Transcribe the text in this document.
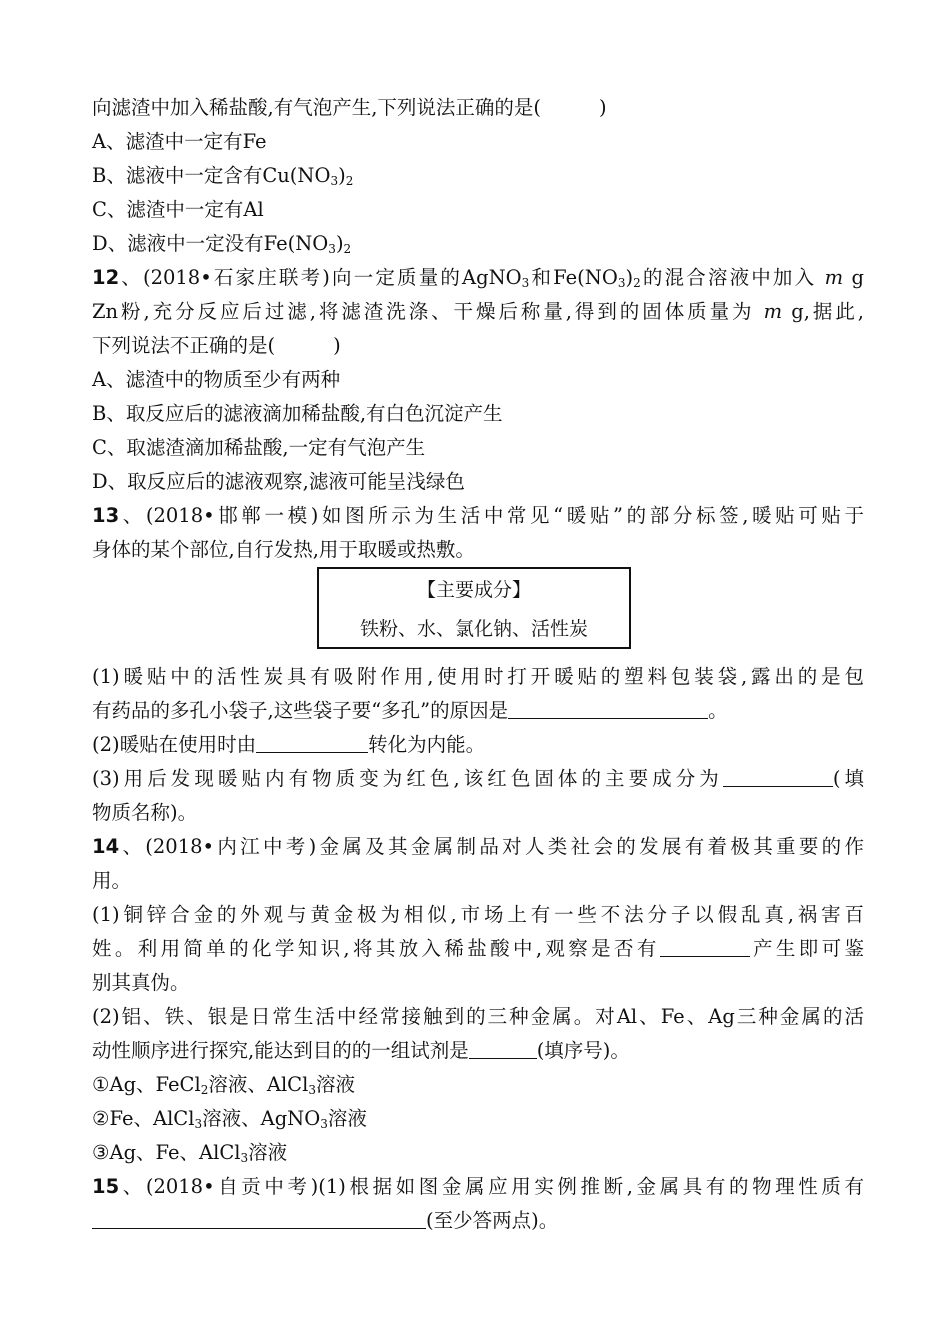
向滤渣中加入稀盐酸,有气泡产生,下列说法正确的是(	)
A、滤渣中一定有Fe
B、滤液中一定含有$Cu(NO_3)_2$
C、滤渣中一定有Al
D、滤液中一定没有$Fe(NO_3)_2$
12、(2018•石家庄联考)向一定质量的AgNO$_3$和$Fe(NO_3)_2$的混合溶液中加入 m g
Zn粉,充分反应后过滤,将滤渣洗涤、干燥后称量,得到的固体质量为 m g,据此,
下列说法不正确的是(	)
A、滤渣中的物质至少有两种
B、取反应后的滤液滴加稀盐酸,有白色沉淀产生
C、取滤渣滴加稀盐酸,一定有气泡产生
D、取反应后的滤液观察,滤液可能呈浅绿色
13、(2018•邯郸一模)如图所示为生活中常见“暖贴”的部分标签,暖贴可贴于
身体的某个部位,自行发热,用于取暖或热敷。
【主要成分】
铁粉、水、氯化钠、活性炭
(1)暖贴中的活性炭具有吸附作用,使用时打开暖贴的塑料包装袋,露出的是包
有药品的多孔小袋子,这些袋子要“多孔”的原因是	。
(2)暖贴在使用时由	转化为内能。
(3)用后发现暖贴内有物质变为红色,该红色固体的主要成分为	(填
物质名称)。
14、(2018•内江中考)金属及其金属制品对人类社会的发展有着极其重要的作
用。
(1)铜锌合金的外观与黄金极为相似,市场上有一些不法分子以假乱真,祸害百
姓。利用简单的化学知识,将其放入稀盐酸中,观察是否有	产生即可鉴
别其真伪。
(2)铝、铁、银是日常生活中经常接触到的三种金属。对Al、Fe、Ag三种金属的活
动性顺序进行探究,能达到目的的一组试剂是	(填序号)。
①Ag、FeCl$_2$溶液、AlCl$_3$溶液
②Fe、AlCl$_3$溶液、AgNO$_3$溶液
③Ag、Fe、AlCl$_3$溶液
15、(2018•自贡中考)(1)根据如图金属应用实例推断,金属具有的物理性质有
(至少答两点)。
